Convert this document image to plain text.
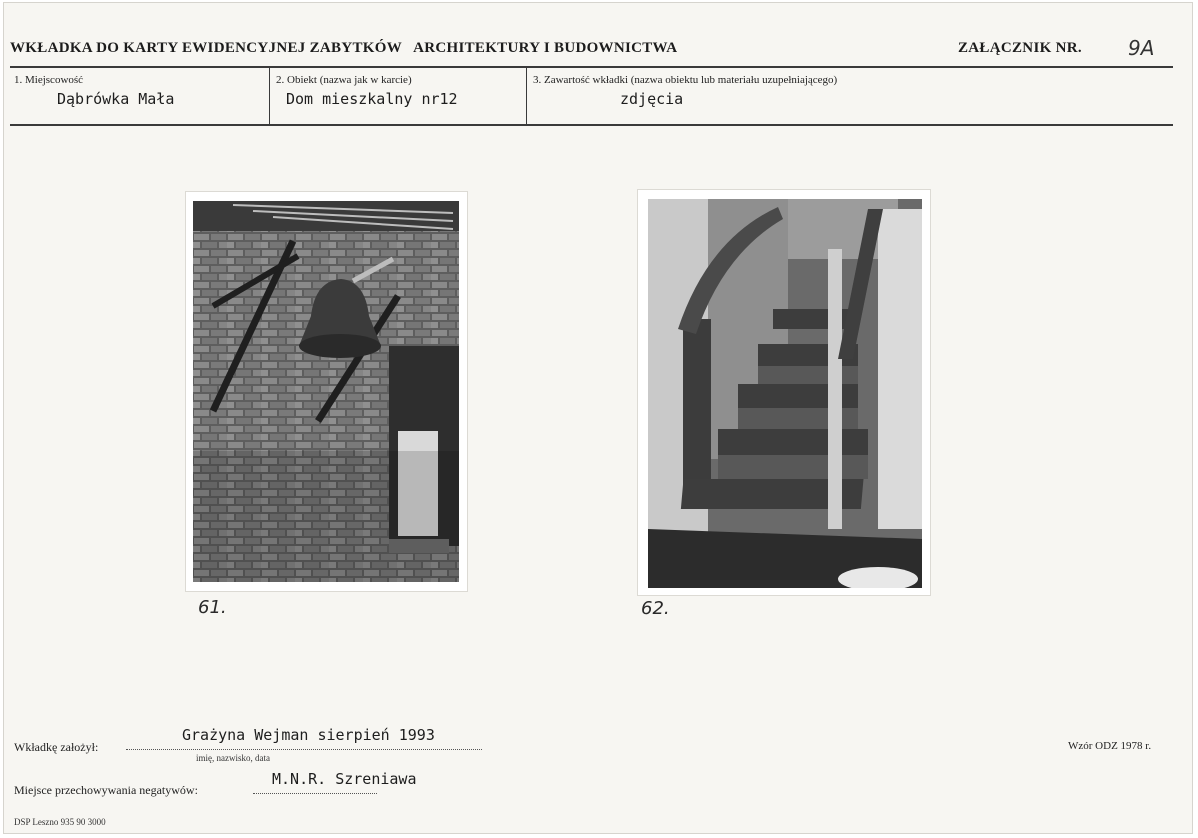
WKŁADKA DO KARTY EWIDENCYJNEJ ZABYTKÓW   ARCHITEKTURY I BUDOWNICTWA	ZAŁĄCZNIK NR. 9A
1. Miejscowość
Dąbrówka Mała
2. Obiekt (nazwa jak w karcie)
Dom mieszkalny nr12
3. Zawartość wkładki (nazwa obiektu lub materiału uzupełniającego)
zdjęcia
61.	62.
Wkładkę założył:
Grażyna Wejman sierpień 1993
imię, nazwisko, data
Miejsce przechowywania negatywów:
M.N.R. Szreniawa
Wzór ODZ 1978 r.
DSP Leszno 935 90 3000
